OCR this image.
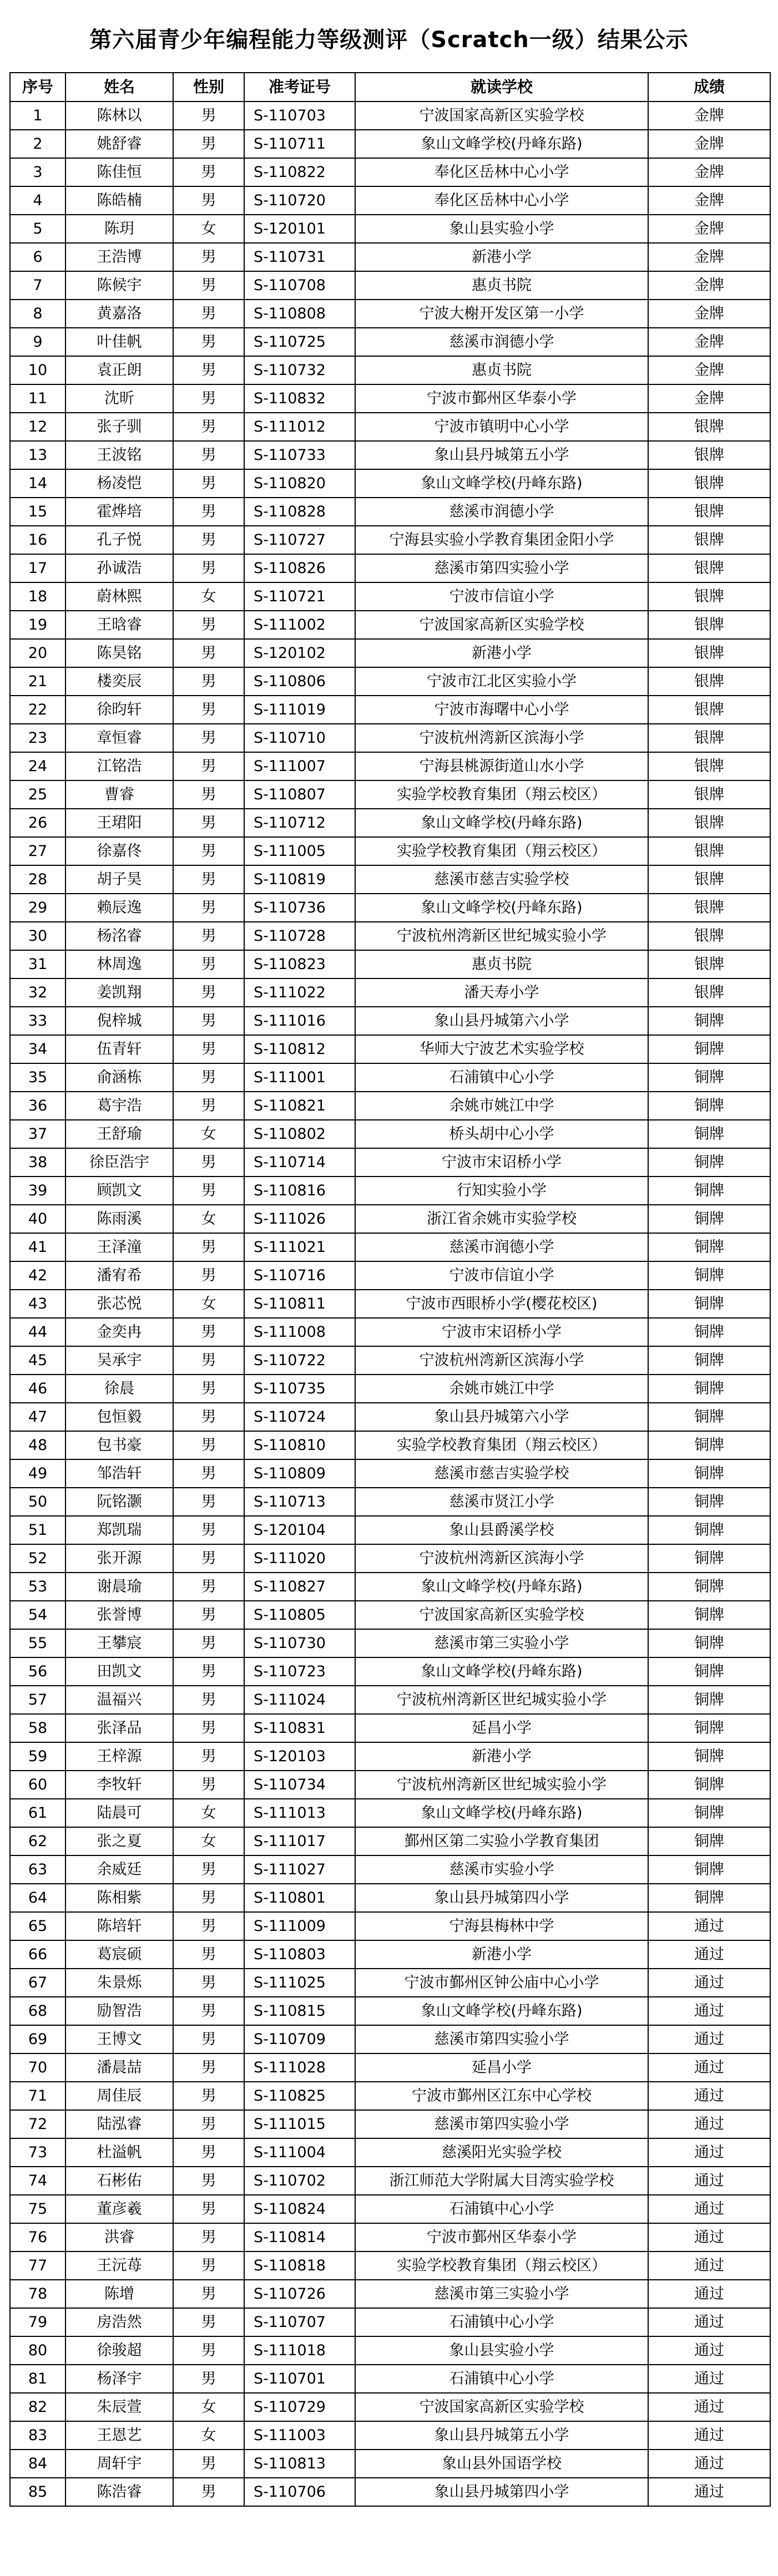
第六届青少年编程能力等级测评（Scratch一级）结果公示
序号	姓名	性别	准考证号	就读学校	成绩
1	陈林以	男	S-110703	宁波国家高新区实验学校	金牌
2	姚舒睿	男	S-110711	象山文峰学校(丹峰东路)	金牌
3	陈佳恒	男	S-110822	奉化区岳林中心小学	金牌
4	陈皓楠	男	S-110720	奉化区岳林中心小学	金牌
5	陈玥	女	S-120101	象山县实验小学	金牌
6	王浩博	男	S-110731	新港小学	金牌
7	陈候宇	男	S-110708	惠贞书院	金牌
8	黄嘉洛	男	S-110808	宁波大榭开发区第一小学	金牌
9	叶佳帆	男	S-110725	慈溪市润德小学	金牌
10	袁正朗	男	S-110732	惠贞书院	金牌
11	沈昕	男	S-110832	宁波市鄞州区华泰小学	金牌
12	张子驯	男	S-111012	宁波市镇明中心小学	银牌
13	王波铭	男	S-110733	象山县丹城第五小学	银牌
14	杨凌恺	男	S-110820	象山文峰学校(丹峰东路)	银牌
15	霍烨培	男	S-110828	慈溪市润德小学	银牌
16	孔子悦	男	S-110727	宁海县实验小学教育集团金阳小学	银牌
17	孙诚浩	男	S-110826	慈溪市第四实验小学	银牌
18	蔚林熙	女	S-110721	宁波市信谊小学	银牌
19	王晗睿	男	S-111002	宁波国家高新区实验学校	银牌
20	陈昊铭	男	S-120102	新港小学	银牌
21	楼奕辰	男	S-110806	宁波市江北区实验小学	银牌
22	徐昀轩	男	S-111019	宁波市海曙中心小学	银牌
23	章恒睿	男	S-110710	宁波杭州湾新区滨海小学	银牌
24	江铭浩	男	S-111007	宁海县桃源街道山水小学	银牌
25	曹睿	男	S-110807	实验学校教育集团（翔云校区）	银牌
26	王珺阳	男	S-110712	象山文峰学校(丹峰东路)	银牌
27	徐嘉佟	男	S-111005	实验学校教育集团（翔云校区）	银牌
28	胡子昊	男	S-110819	慈溪市慈吉实验学校	银牌
29	赖辰逸	男	S-110736	象山文峰学校(丹峰东路)	银牌
30	杨洺睿	男	S-110728	宁波杭州湾新区世纪城实验小学	银牌
31	林周逸	男	S-110823	惠贞书院	银牌
32	姜凯翔	男	S-111022	潘天寿小学	银牌
33	倪梓城	男	S-111016	象山县丹城第六小学	铜牌
34	伍青轩	男	S-110812	华师大宁波艺术实验学校	铜牌
35	俞涵栋	男	S-111001	石浦镇中心小学	铜牌
36	葛宇浩	男	S-110821	余姚市姚江中学	铜牌
37	王舒瑜	女	S-110802	桥头胡中心小学	铜牌
38	徐臣浩宇	男	S-110714	宁波市宋诏桥小学	铜牌
39	顾凯文	男	S-110816	行知实验小学	铜牌
40	陈雨溪	女	S-111026	浙江省余姚市实验学校	铜牌
41	王泽潼	男	S-111021	慈溪市润德小学	铜牌
42	潘宥希	男	S-110716	宁波市信谊小学	铜牌
43	张芯悦	女	S-110811	宁波市西眼桥小学(樱花校区)	铜牌
44	金奕冉	男	S-111008	宁波市宋诏桥小学	铜牌
45	吴承宇	男	S-110722	宁波杭州湾新区滨海小学	铜牌
46	徐晨	男	S-110735	余姚市姚江中学	铜牌
47	包恒毅	男	S-110724	象山县丹城第六小学	铜牌
48	包书豪	男	S-110810	实验学校教育集团（翔云校区）	铜牌
49	邹浩轩	男	S-110809	慈溪市慈吉实验学校	铜牌
50	阮铭灏	男	S-110713	慈溪市贤江小学	铜牌
51	郑凯瑞	男	S-120104	象山县爵溪学校	铜牌
52	张开源	男	S-111020	宁波杭州湾新区滨海小学	铜牌
53	谢晨瑜	男	S-110827	象山文峰学校(丹峰东路)	铜牌
54	张誉博	男	S-110805	宁波国家高新区实验学校	铜牌
55	王攀宸	男	S-110730	慈溪市第三实验小学	铜牌
56	田凯文	男	S-110723	象山文峰学校(丹峰东路)	铜牌
57	温福兴	男	S-111024	宁波杭州湾新区世纪城实验小学	铜牌
58	张泽品	男	S-110831	延昌小学	铜牌
59	王梓源	男	S-120103	新港小学	铜牌
60	李牧轩	男	S-110734	宁波杭州湾新区世纪城实验小学	铜牌
61	陆晨可	女	S-111013	象山文峰学校(丹峰东路)	铜牌
62	张之夏	女	S-111017	鄞州区第二实验小学教育集团	铜牌
63	余威廷	男	S-111027	慈溪市实验小学	铜牌
64	陈相紫	男	S-110801	象山县丹城第四小学	铜牌
65	陈培轩	男	S-111009	宁海县梅林中学	通过
66	葛宸硕	男	S-110803	新港小学	通过
67	朱景烁	男	S-111025	宁波市鄞州区钟公庙中心小学	通过
68	励智浩	男	S-110815	象山文峰学校(丹峰东路)	通过
69	王博文	男	S-110709	慈溪市第四实验小学	通过
70	潘晨喆	男	S-111028	延昌小学	通过
71	周佳辰	男	S-110825	宁波市鄞州区江东中心学校	通过
72	陆泓睿	男	S-111015	慈溪市第四实验小学	通过
73	杜溢帆	男	S-111004	慈溪阳光实验学校	通过
74	石彬佑	男	S-110702	浙江师范大学附属大目湾实验学校	通过
75	董彦羲	男	S-110824	石浦镇中心小学	通过
76	洪睿	男	S-110814	宁波市鄞州区华泰小学	通过
77	王沅苺	男	S-110818	实验学校教育集团（翔云校区）	通过
78	陈增	男	S-110726	慈溪市第三实验小学	通过
79	房浩然	男	S-110707	石浦镇中心小学	通过
80	徐骏超	男	S-111018	象山县实验小学	通过
81	杨泽宇	男	S-110701	石浦镇中心小学	通过
82	朱辰萱	女	S-110729	宁波国家高新区实验学校	通过
83	王恩艺	女	S-111003	象山县丹城第五小学	通过
84	周轩宇	男	S-110813	象山县外国语学校	通过
85	陈浩睿	男	S-110706	象山县丹城第四小学	通过
